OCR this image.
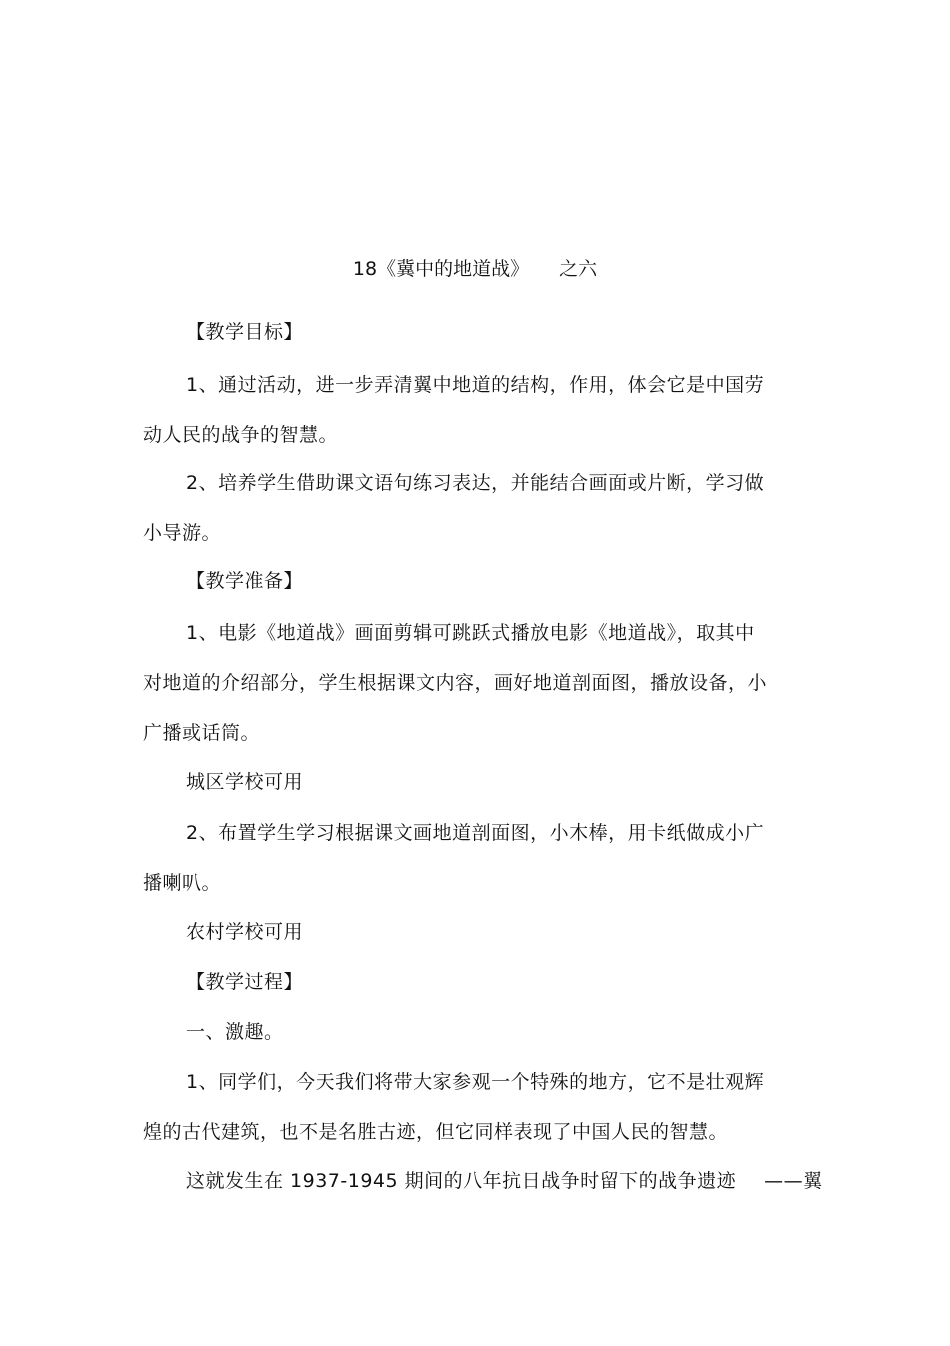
18《冀中的地道战》 之六
【教学目标】
1、通过活动，进一步弄清翼中地道的结构，作用，体会它是中国劳
动人民的战争的智慧。
2、培养学生借助课文语句练习表达，并能结合画面或片断，学习做
小导游。
【教学准备】
1、电影《地道战》画面剪辑可跳跃式播放电影《地道战》，取其中
对地道的介绍部分，学生根据课文内容，画好地道剖面图，播放设备，小
广播或话筒。
城区学校可用
2、布置学生学习根据课文画地道剖面图，小木棒，用卡纸做成小广
播喇叭。
农村学校可用
【教学过程】
一、激趣。
1、同学们，今天我们将带大家参观一个特殊的地方，它不是壮观辉
煌的古代建筑，也不是名胜古迹，但它同样表现了中国人民的智慧。
这就发生在 1937-1945 期间的八年抗日战争时留下的战争遗迹 ——翼
